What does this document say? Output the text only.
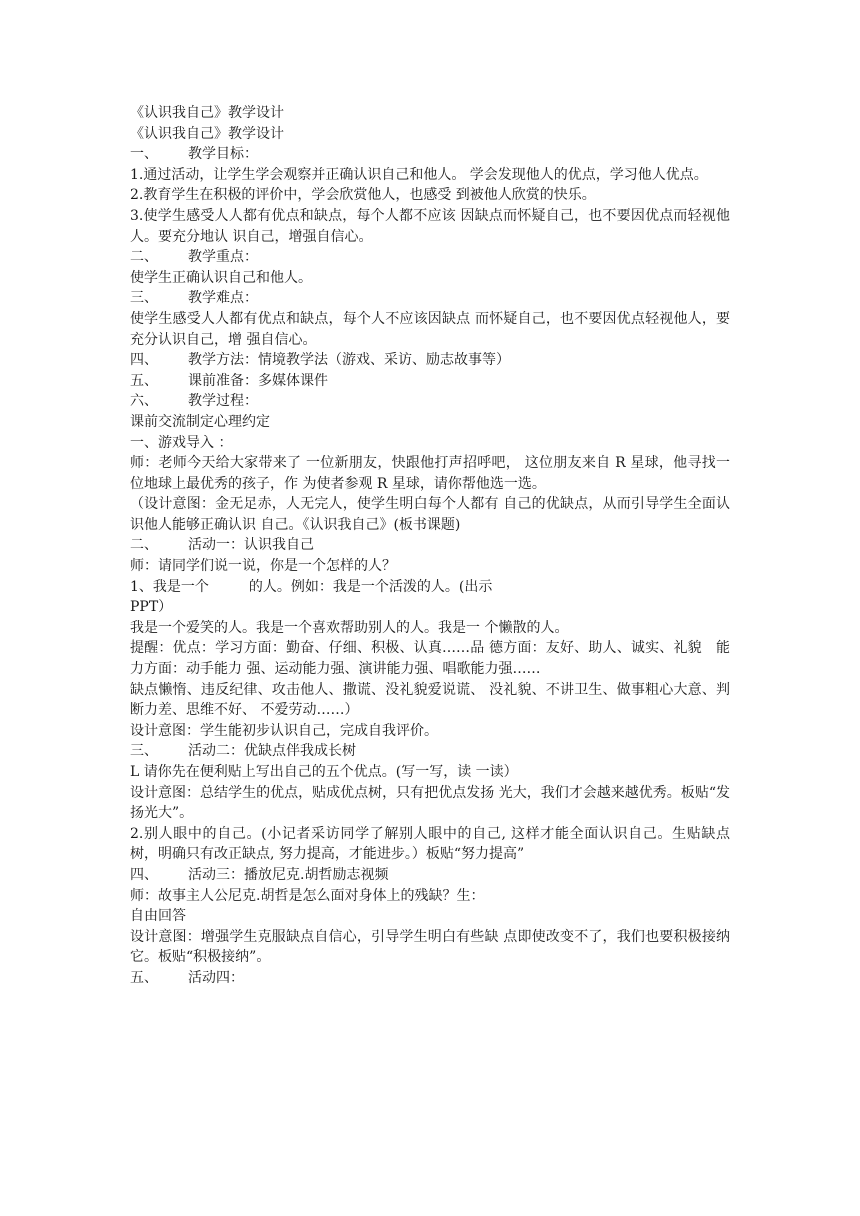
《认识我自己》教学设计
《认识我自己》教学设计
一、 教学目标：
1.通过活动，让学生学会观察并正确认识自己和他人。 学会发现他人的优点，学习他人优点。
2.教育学生在积极的评价中，学会欣赏他人，也感受 到被他人欣赏的快乐。
3.使学生感受人人都有优点和缺点，每个人都不应该 因缺点而怀疑自己，也不要因优点而轻视他人。要充分地认 识自己，增强自信心。
二、 教学重点：
使学生正确认识自己和他人。
三、 教学难点：
使学生感受人人都有优点和缺点，每个人不应该因缺点 而怀疑自己，也不要因优点轻视他人，要充分认识自己，增 强自信心。
四、 教学方法：情境教学法（游戏、采访、励志故事等）
五、 课前准备：多媒体课件
六、 教学过程：
课前交流制定心理约定
一、游戏导入 ：
师：老师今天给大家带来了 一位新朋友，快跟他打声招呼吧， 这位朋友来自 R 星球，他寻找一位地球上最优秀的孩子，作 为使者参观 R 星球，请你帮他选一选。
（设计意图：金无足赤，人无完人，使学生明白每个人都有 自己的优缺点，从而引导学生全面认识他人能够正确认识 自己。《认识我自己》(板书课题)
二、 活动一：认识我自己
师：请同学们说一说，你是一个怎样的人？
1、我是一个	的人。例如：我是一个活泼的人。(出示
PPT）
我是一个爱笑的人。我是一个喜欢帮助别人的人。我是一 个懒散的人。
提醒：优点：学习方面：勤奋、仔细、积极、认真……品 德方面：友好、助人、诚实、礼貌　能力方面：动手能力 强、运动能力强、演讲能力强、唱歌能力强……
缺点懒惰、违反纪律、攻击他人、撒谎、没礼貌爱说谎、 没礼貌、不讲卫生、做事粗心大意、判断力差、思维不好、 不爱劳动……）
设计意图：学生能初步认识自己，完成自我评价。
三、 活动二：优缺点伴我成长树
L 请你先在便利贴上写出自己的五个优点。(写一写，读 一读）
设计意图：总结学生的优点，贴成优点树，只有把优点发扬 光大，我们才会越来越优秀。板贴“发扬光大”。
2.别人眼中的自己。(小记者采访同学了解别人眼中的自己, 这样才能全面认识自己。生贴缺点树，明确只有改正缺点, 努力提高，才能进步。）板贴“努力提高”
四、 活动三：播放尼克.胡哲励志视频
师：故事主人公尼克.胡哲是怎么面对身体上的残缺？生：
自由回答
设计意图：增强学生克服缺点自信心，引导学生明白有些缺 点即使改变不了，我们也要积极接纳它。板贴“积极接纳”。
五、 活动四：
